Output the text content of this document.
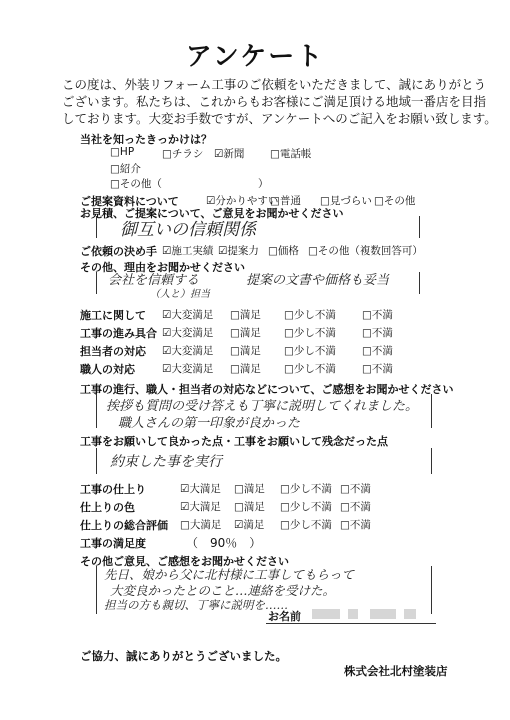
アンケート
この度は、外装リフォーム工事のご依頼をいただきまして、誠にありがとう
ございます。私たちは、これからもお客様にご満足頂ける地域一番店を目指
しております。大変お手数ですが、アンケートへのご記入をお願い致します。
当社を知ったきっかけは？
□HP	□チラシ ☑新聞 □電話帳
□紹介
□その他（	）
ご提案資料について	☑分かりやすい
□普通 □見づらい □その他
お見積、ご提案について、ご意見をお聞かせください
御互いの信頼関係
ご依頼の決め手 ☑施工実績 ☑提案力 □価格 □その他（複数回答可）
その他、理由をお聞かせください
会社を信頼する
（人と）担当
提案の文書や価格も妥当
施工に関して ☑大変満足 □満足 □少し不満 □不満
工事の進み具合 ☑大変満足 □満足 □少し不満 □不満
担当者の対応 ☑大変満足 □満足 □少し不満 □不満
職人の対応	☑大変満足 □満足 □少し不満 □不満
工事の進行、職人・担当者の対応などについて、ご感想をお聞かせください
挨拶も質問の受け答えも丁寧に説明してくれました。
職人さんの第一印象が良かった
工事をお願いして良かった点・工事をお願いして残念だった点
約束した事を実行
工事の仕上り	☑大満足 □満足 □少し不満 □不満
仕上りの色	☑大満足 □満足 □少し不満 □不満
仕上りの総合評価 □大満足 ☑満足 □少し不満 □不満
工事の満足度	（　90％　）
その他ご意見、ご感想をお聞かせください
先日、娘から父に北村様に工事してもらって
大変良かったとのこと…連絡を受けた。
担当の方も親切、丁寧に説明を……
お名前
ご協力、誠にありがとうございました。
株式会社北村塗装店
